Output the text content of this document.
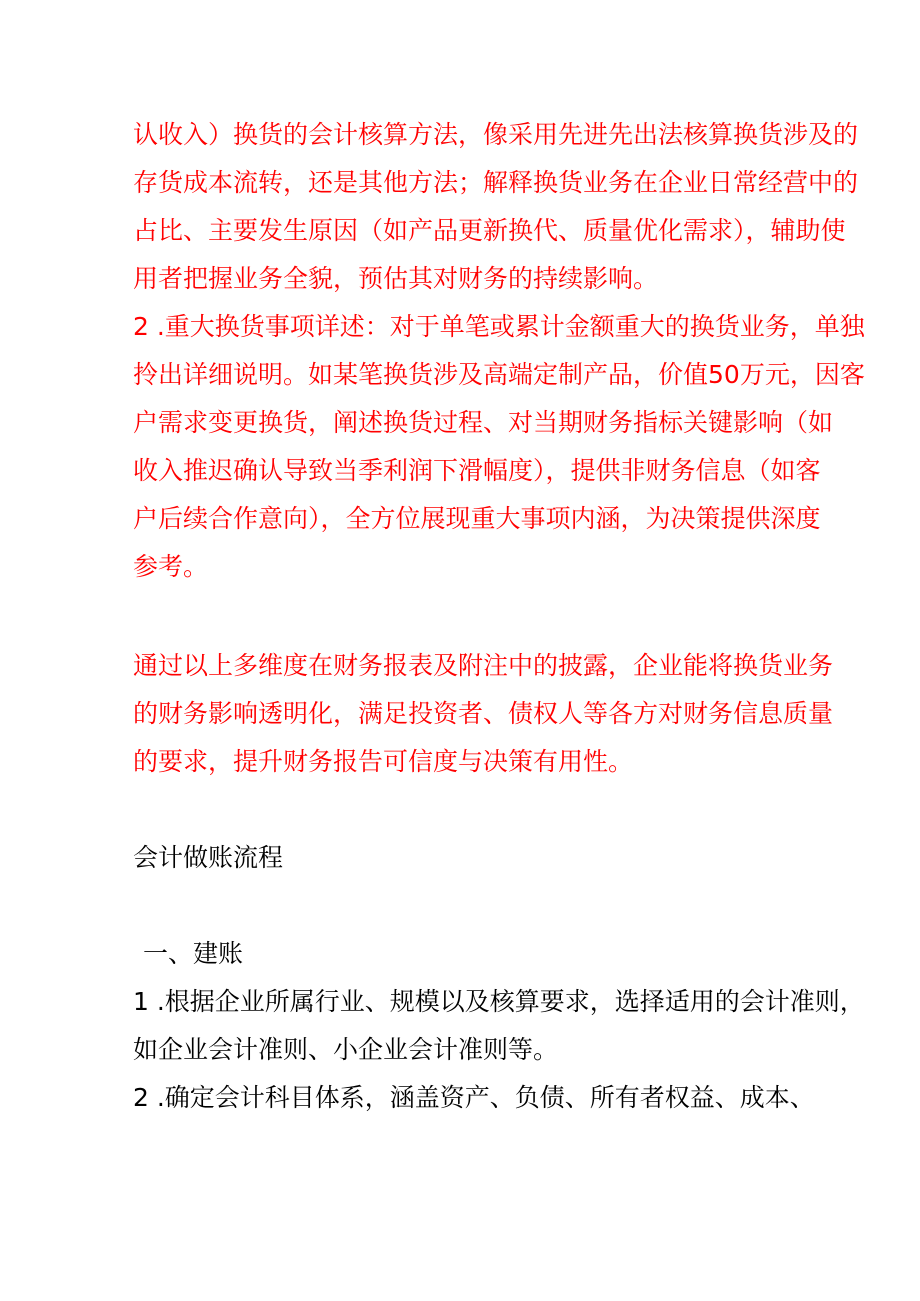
认收入）换货的会计核算方法，像采用先进先出法核算换货涉及的
存货成本流转，还是其他方法；解释换货业务在企业日常经营中的
占比、主要发生原因（如产品更新换代、质量优化需求），辅助使
用者把握业务全貌，预估其对财务的持续影响。
2 .重大换货事项详述：对于单笔或累计金额重大的换货业务，单独
拎出详细说明。如某笔换货涉及高端定制产品，价值50万元，因客
户需求变更换货，阐述换货过程、对当期财务指标关键影响（如
收入推迟确认导致当季利润下滑幅度），提供非财务信息（如客
户后续合作意向），全方位展现重大事项内涵，为决策提供深度
参考。
通过以上多维度在财务报表及附注中的披露，企业能将换货业务
的财务影响透明化，满足投资者、债权人等各方对财务信息质量
的要求，提升财务报告可信度与决策有用性。
会计做账流程
一、建账
1 .根据企业所属行业、规模以及核算要求，选择适用的会计准则，
如企业会计准则、小企业会计准则等。
2 .确定会计科目体系，涵盖资产、负债、所有者权益、成本、
